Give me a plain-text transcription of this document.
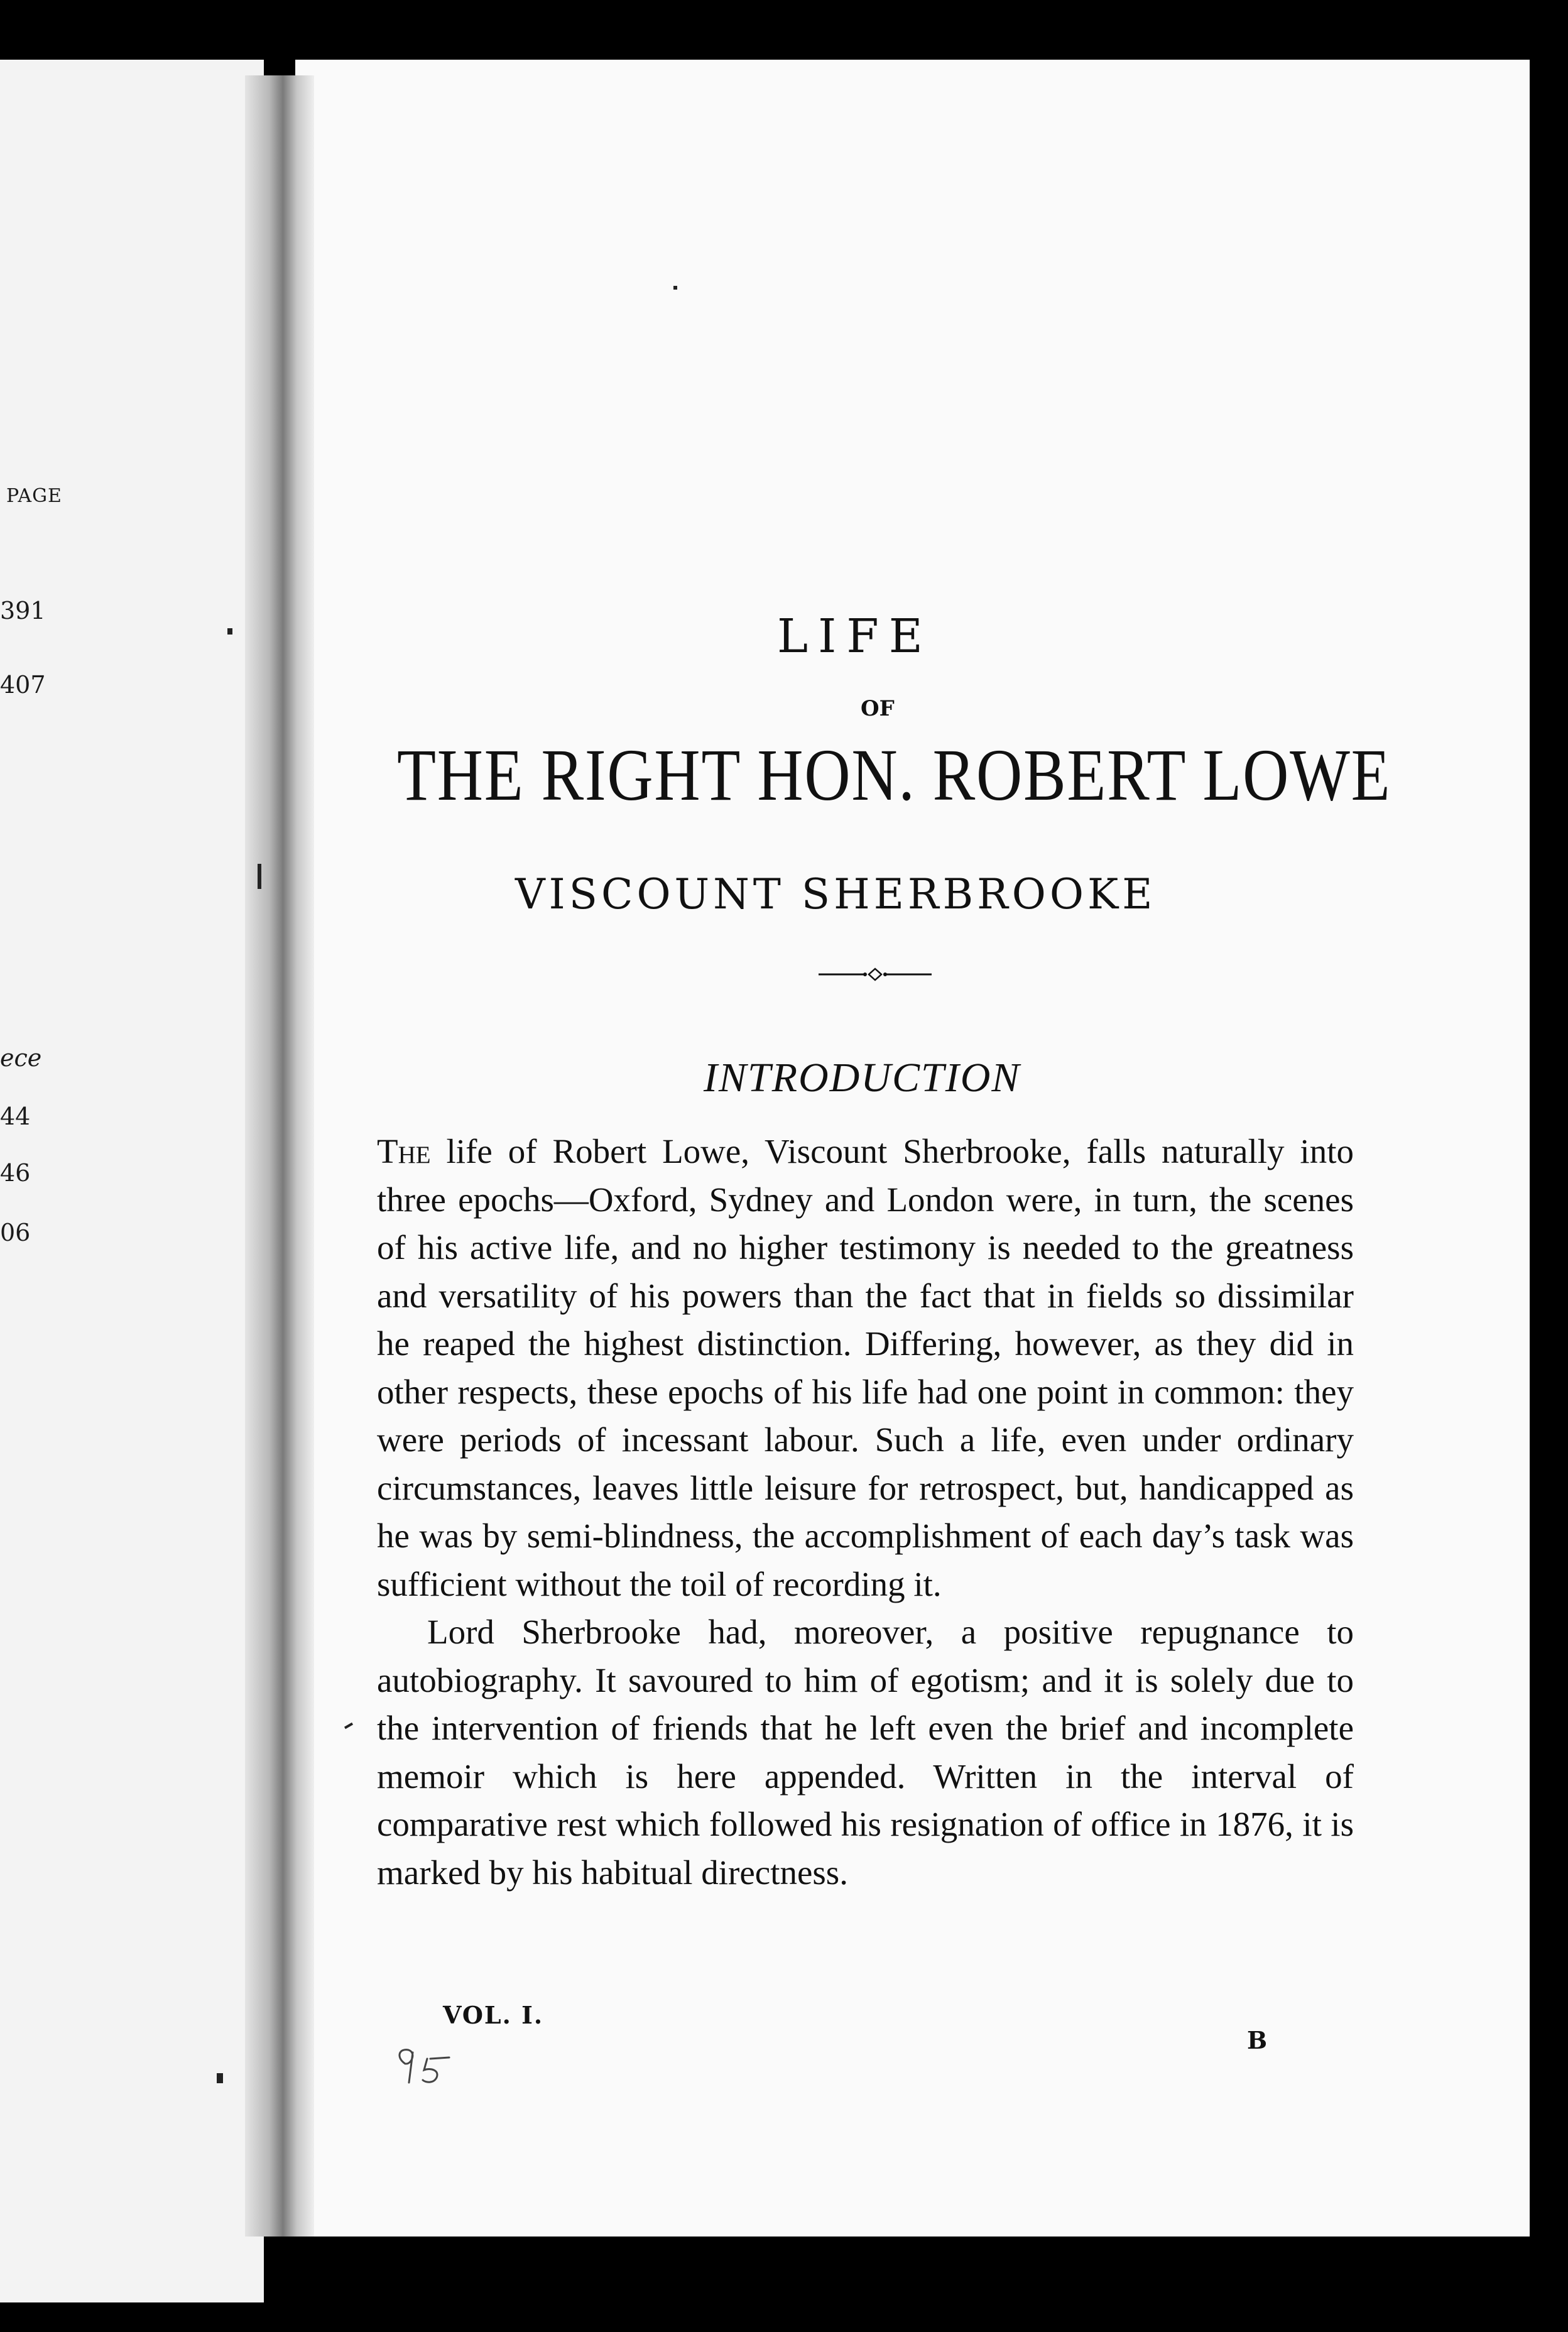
PAGE
391
407
ece
44
46
06
LIFE
OF
THE RIGHT HON. ROBERT LOWE
VISCOUNT SHERBROOKE
INTRODUCTION

The life of Robert Lowe, Viscount Sherbrooke, falls naturally into three epochs—Oxford, Sydney and London were, in turn, the scenes of his active life, and no higher testimony is needed to the greatness and versatility of his powers than the fact that in fields so dissimilar he reaped the highest distinction. Differing, however, as they did in other respects, these epochs of his life had one point in common: they were periods of incessant labour. Such a life, even under ordinary circumstances, leaves little leisure for retrospect, but, handicapped as he was by semi-blindness, the accomplishment of each day’s task was sufficient without the toil of recording it.

Lord Sherbrooke had, moreover, a positive repugnance to autobiography. It savoured to him of egotism; and it is solely due to the intervention of friends that he left even the brief and incomplete memoir which is here appended. Written in the interval of comparative rest which followed his resignation of office in 1876, it is marked by his habitual directness.

VOL. I.
B
